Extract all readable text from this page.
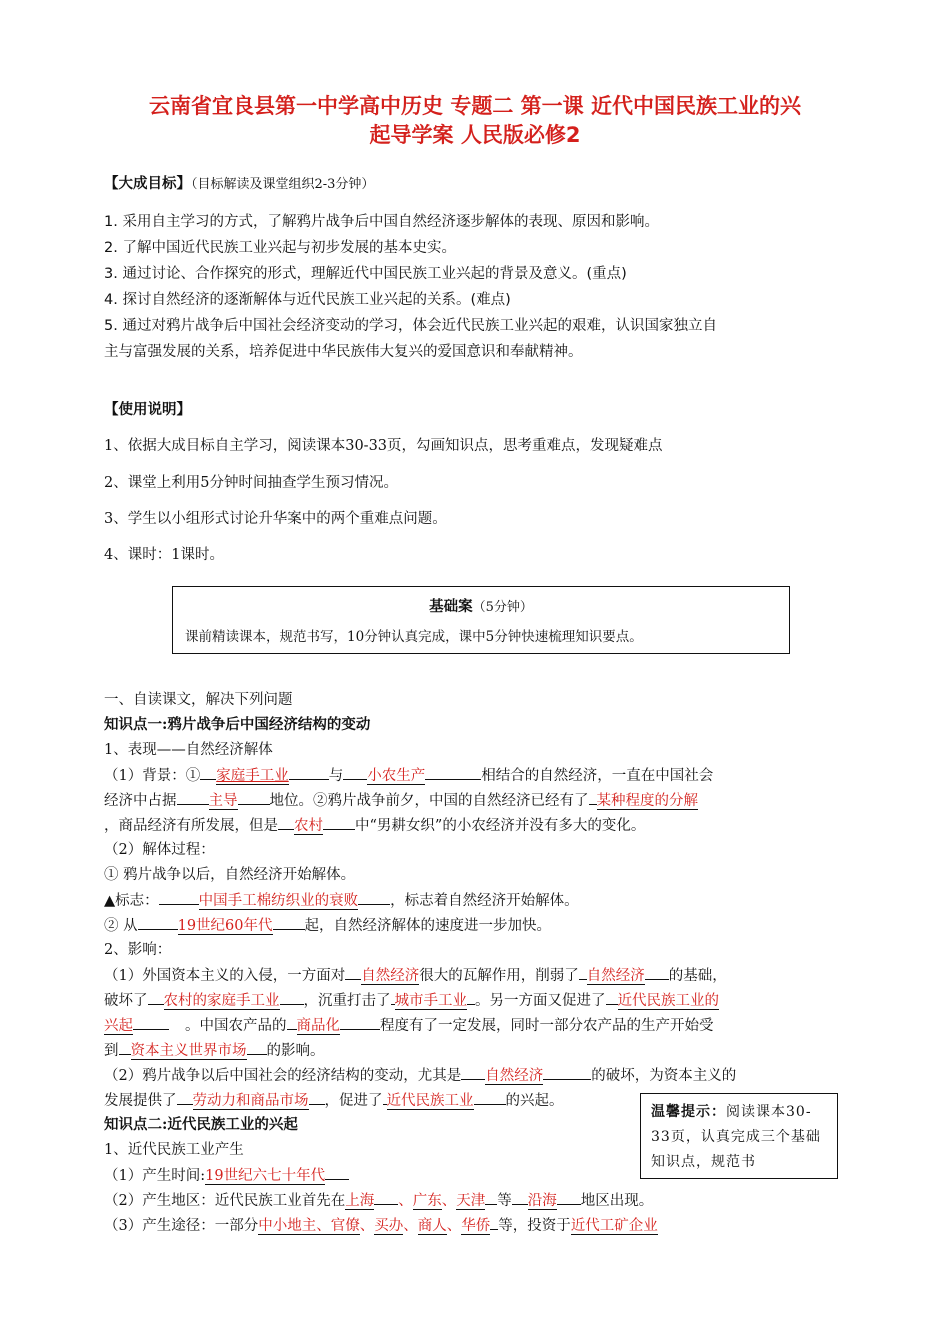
云南省宜良县第一中学高中历史 专题二 第一课 近代中国民族工业的兴
起导学案 人民版必修2
【大成目标】（目标解读及课堂组织2-3分钟）
1. 采用自主学习的方式，了解鸦片战争后中国自然经济逐步解体的表现、原因和影响。
2. 了解中国近代民族工业兴起与初步发展的基本史实。
3. 通过讨论、合作探究的形式，理解近代中国民族工业兴起的背景及意义。(重点)
4. 探讨自然经济的逐渐解体与近代民族工业兴起的关系。(难点)
5. 通过对鸦片战争后中国社会经济变动的学习，体会近代民族工业兴起的艰难，认识国家独立自
主与富强发展的关系，培养促进中华民族伟大复兴的爱国意识和奉献精神。
【使用说明】
1、依据大成目标自主学习，阅读课本30-33页，勾画知识点，思考重难点，发现疑难点
2、课堂上利用5分钟时间抽查学生预习情况。
3、学生以小组形式讨论升华案中的两个重难点问题。
4、课时：1课时。
基础案（5分钟）
课前精读课本，规范书写，10分钟认真完成，课中5分钟快速梳理知识要点。
一、自读课文，解决下列问题
知识点一:鸦片战争后中国经济结构的变动
1、表现——自然经济解体
（1）背景：① 家庭手工业	与 小农生产	相结合的自然经济，一直在中国社会
经济中占据 主导 地位。②鸦片战争前夕，中国的自然经济已经有了 某种程度的分解
，商品经济有所发展，但是 农村 中“男耕女织”的小农经济并没有多大的变化。
（2）解体过程：
① 鸦片战争以后，自然经济开始解体。
▲标志：	中国手工棉纺织业的衰败 ，标志着自然经济开始解体。
② 从	19世纪60年代 起，自然经济解体的速度进一步加快。
2、影响：
（1）外国资本主义的入侵，一方面对 自然经济很大的瓦解作用，削弱了 自然经济 的基础，
破坏了 农村的家庭手工业 ，沉重打击了 城市手工业 。另一方面又促进了 近代民族工业的
兴起	。中国农产品的 商品化	程度有了一定发展，同时一部分农产品的生产开始受
到 资本主义世界市场 的影响。
（2）鸦片战争以后中国社会的经济结构的变动，尤其是 自然经济	的破坏，为资本主义的
发展提供了 劳动力和商品市场 ，促进了 近代民族工业 的兴起。
知识点二:近代民族工业的兴起
1、近代民族工业产生
（1）产生时间:19世纪六七十年代
（2）产生地区：近代民族工业首先在上海 、广东、天津 等 沿海 地区出现。
（3）产生途径：一部分中小地主、官僚、买办、商人、华侨 等，投资于近代工矿企业
温馨提示：阅读课本30-33页，认真完成三个基础知识点，规范书
